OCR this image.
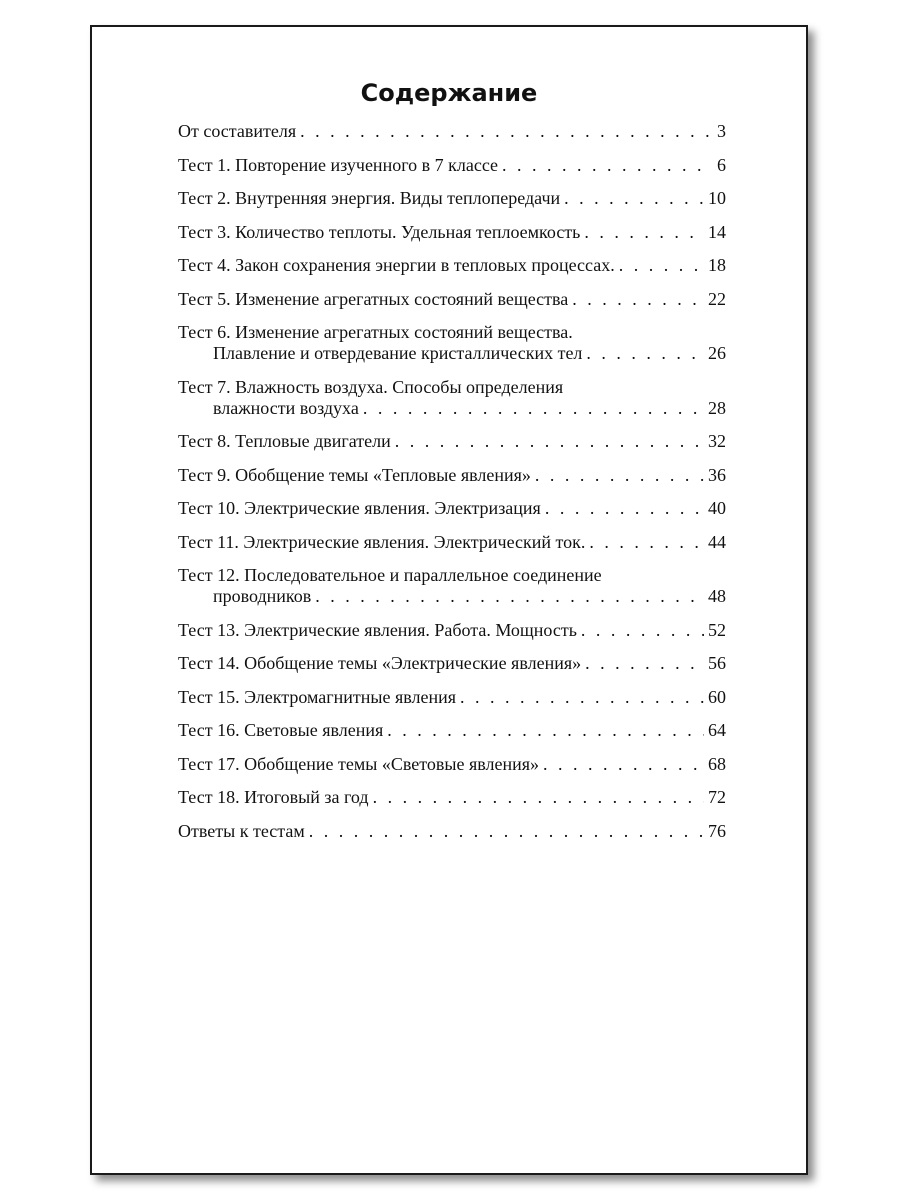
Содержание
От составителя . . .	3
Тест 1. Повторение изученного в 7 классе . . .	6
Тест 2. Внутренняя энергия. Виды теплопередачи . . .	10
Тест 3. Количество теплоты. Удельная теплоемкость . . .	14
Тест 4. Закон сохранения энергии в тепловых процессах. . . .	18
Тест 5. Изменение агрегатных состояний вещества . . .	22
Тест 6. Изменение агрегатных состояний вещества.
Плавление и отвердевание кристаллических тел . . .	26
Тест 7. Влажность воздуха. Способы определения
влажности воздуха . . .	28
Тест 8. Тепловые двигатели . . .	32
Тест 9. Обобщение темы «Тепловые явления» . . .	36
Тест 10. Электрические явления. Электризация . . .	40
Тест 11. Электрические явления. Электрический ток. . . .	44
Тест 12. Последовательное и параллельное соединение
проводников . . .	48
Тест 13. Электрические явления. Работа. Мощность . . .	52
Тест 14. Обобщение темы «Электрические явления» . . .	56
Тест 15. Электромагнитные явления . . .	60
Тест 16. Световые явления . . .	64
Тест 17. Обобщение темы «Световые явления» . . .	68
Тест 18. Итоговый за год . . .	72
Ответы к тестам . . .	76
